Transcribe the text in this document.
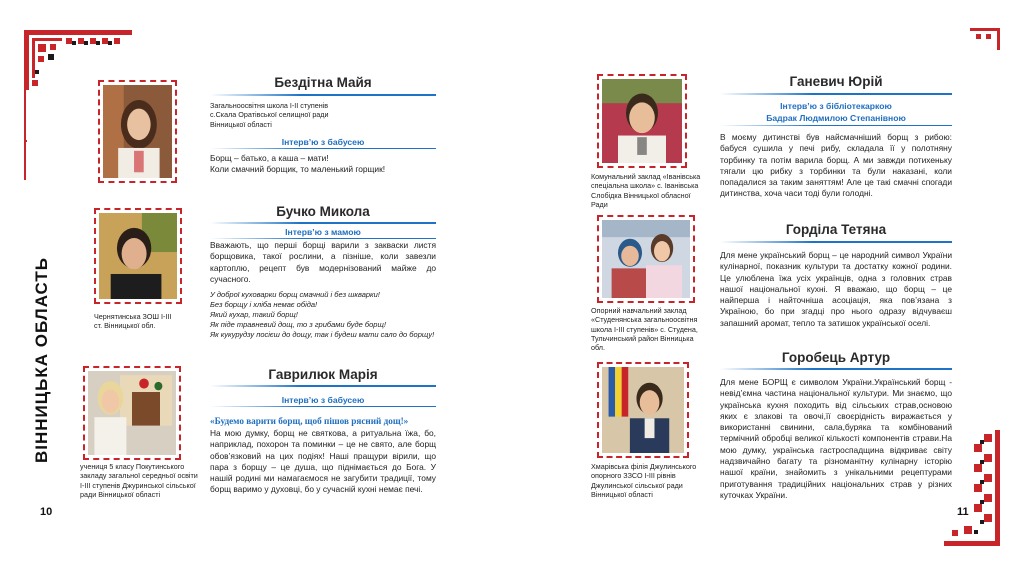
ВІННИЦЬКА ОБЛАСТЬ
10	11
Бездітна Майя
Загальноосвітня школа І-ІІ ступенів
с.Скала Оратівської селищної ради
Вінницької області
Інтерв’ю з бабусею

Борщ – батько, а каша – мати!

Коли смачний борщик, то маленький горщик!

Чернятинська ЗОШ І-ІІІ
ст. Вінницької обл.
Бучко Микола
Інтерв’ю з мамою
Вважають, що перші борщі варили з закваски листя борщовика, такої рослини, а пізніше, коли завезли картоплю, рецепт був модернізований майже до сучасного.
У доброї куховарки борщ смачний і без шкварки!
Без борщу і хліба немає обіда!
Який кухар, такий борщ!
Як піде травневий дощ, то з грибами буде борщ!
Як кукурудзу посієш до дощу, так і будеш мати сало до борщу!
учениця 5 класу Покутинського
закладу загальної середньої освіти
І-ІІІ ступенів Джуринської сільської
ради Вінницької області
Гаврилюк Марія
Інтерв’ю з бабусею
«Будемо варити борщ, щоб пішов рясний дощ!»
На мою думку, борщ не святкова, а ритуальна їжа, бо, наприклад, похорон та поминки – це не свято, але борщ обов’язковий на цих подіях! Наші пращури вірили, що пара з борщу – це душа, що піднімається до Бога. У нашій родині ми намагаємося не загубити традиції, тому борщ варимо у духовці, бо у сучасній кухні немає печі.
Комунальний заклад «Іванівська
спеціальна школа» с. Іванівська
Слобідка Вінницької обласної
Ради
Ганевич Юрій
Інтерв’ю з бібліотекаркою
Бадрак Людмилою Степанівною
В моєму дитинстві був найсмачніший борщ з рибою: бабуся сушила у печі рибу, складала її у полотняну торбинку та потім варила борщ. А ми завжди потихеньку тягали цю рибку з торбинки та були наказані, коли попадалися за таким заняттям! Але це такі смачні спогади дитинства, хоча часи тоді були голодні.
Опорний навчальний заклад
«Студенянська загальноосвітня
школа І-ІІІ ступенів» с. Студена,
Тульчинський район Вінницька
обл.
Горділа Тетяна
Для мене український борщ – це народний символ України кулінарної, показник культури та достатку кожної родини. Це улюблена їжа усіх українців, одна з головних страв нашої національної кухні. Я вважаю, що борщ – це найперша і найточніша асоціація, яка пов’язана з Україною, бо при згадці про нього одразу відчуваєш запашний аромат, тепло та затишок української оселі.
Хмарівська філія Джулинського
опорного ЗЗСО І-ІІІ рівнів
Джулинської сільської ради
Вінницької області
Горобець Артур
Для мене БОРЩ є символом України.Український борщ - невід’ємна частина національної культури. Ми знаємо, що українська кухня походить від сільських страв,основою яких є злакові та овочі,її своєрідність виражається у використанні свинини, сала,буряка та комбінований термічний обробці великої кількості компонентів страви.На мою думку, українська гастроспадщина відкриває світу надзвичайно багату та різноманітну кулінарну історію нашої країни, знайомить з унікальними рецептурами приготування традиційних національних страв у різних куточках України.
